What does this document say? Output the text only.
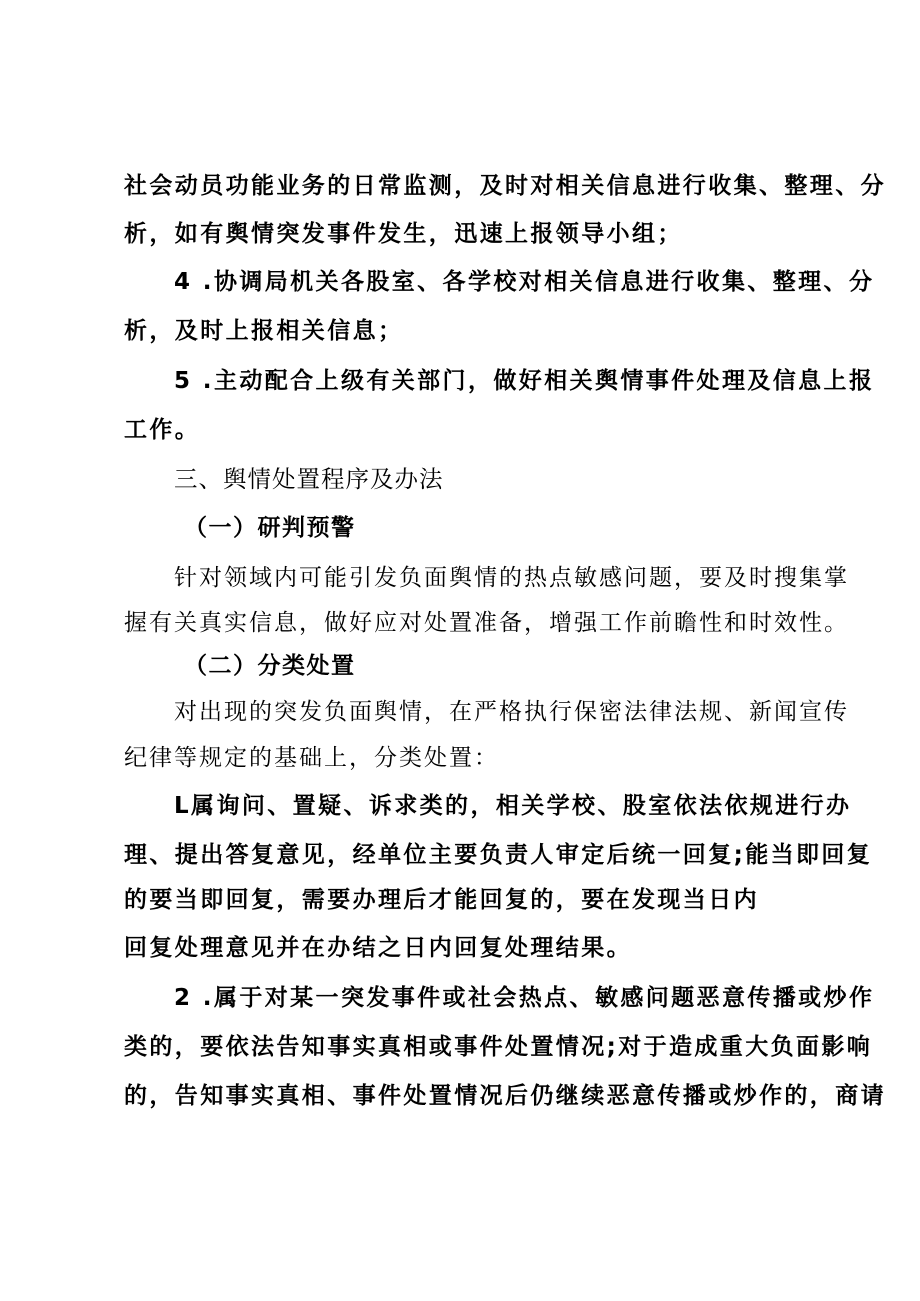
社会动员功能业务的日常监测，及时对相关信息进行收集、整理、分

析，如有舆情突发事件发生，迅速上报领导小组；

4 .协调局机关各股室、各学校对相关信息进行收集、整理、分

析，及时上报相关信息；

5 .主动配合上级有关部门，做好相关舆情事件处理及信息上报

工作。

三、舆情处置程序及办法

（一）研判预警

针对领域内可能引发负面舆情的热点敏感问题，要及时搜集掌

握有关真实信息，做好应对处置准备，增强工作前瞻性和时效性。

（二）分类处置

对出现的突发负面舆情，在严格执行保密法律法规、新闻宣传

纪律等规定的基础上，分类处置：

L属询问、置疑、诉求类的，相关学校、股室依法依规进行办

理、提出答复意见，经单位主要负责人审定后统一回复;能当即回复

的要当即回复，需要办理后才能回复的，要在发现当日内

回复处理意见并在办结之日内回复处理结果。

2 .属于对某一突发事件或社会热点、敏感问题恶意传播或炒作

类的，要依法告知事实真相或事件处置情况;对于造成重大负面影响

的，告知事实真相、事件处置情况后仍继续恶意传播或炒作的，商请
